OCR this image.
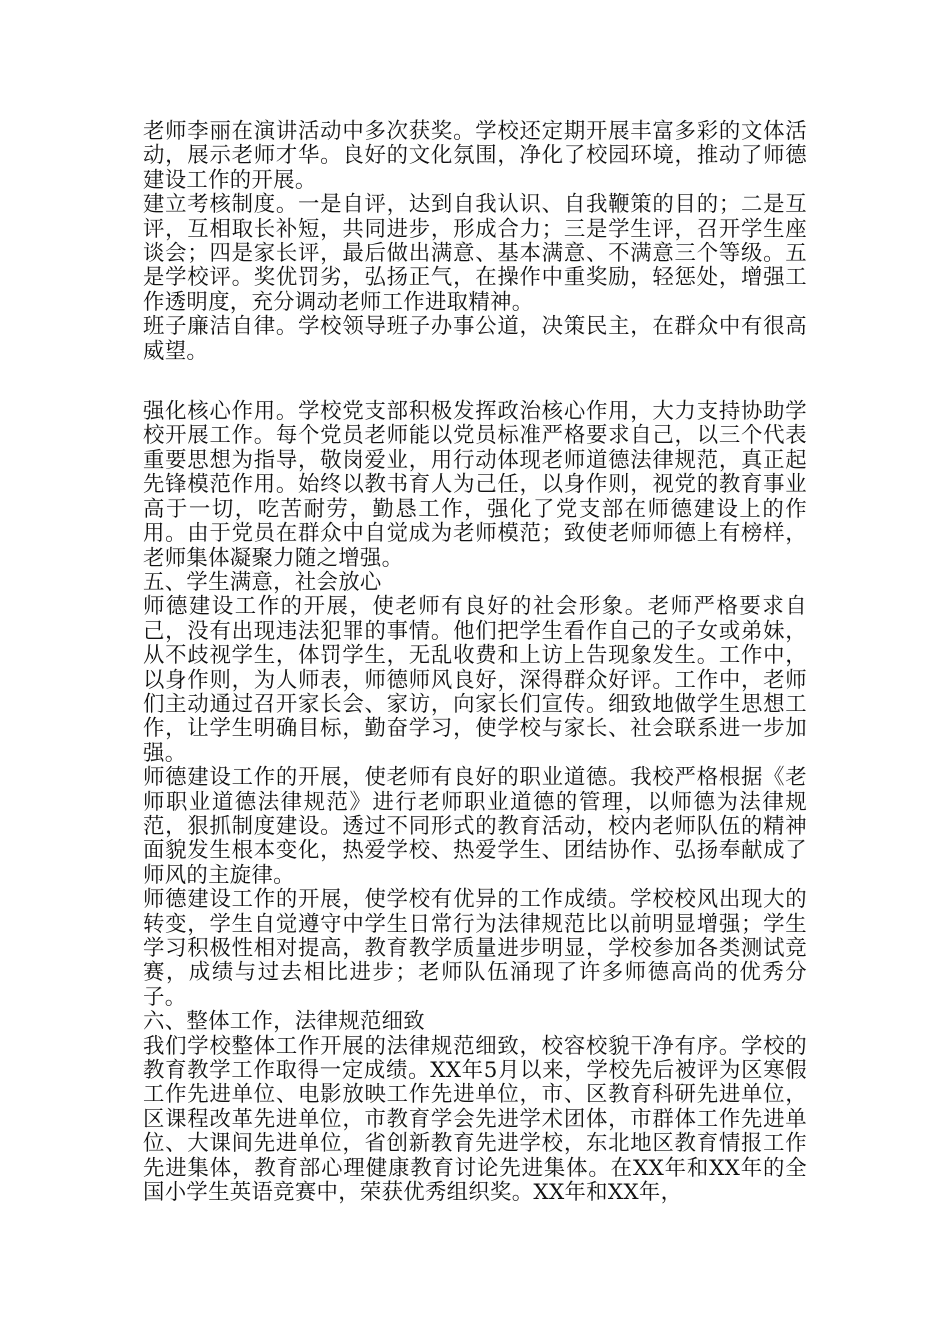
老师李丽在演讲活动中多次获奖。学校还定期开展丰富多彩的文体活动，展示老师才华。良好的文化氛围，净化了校园环境，推动了师德建设工作的开展。

建立考核制度。一是自评，达到自我认识、自我鞭策的目的；二是互评，互相取长补短，共同进步，形成合力；三是学生评，召开学生座谈会；四是家长评，最后做出满意、基本满意、不满意三个等级。五是学校评。奖优罚劣，弘扬正气，在操作中重奖励，轻惩处，增强工作透明度，充分调动老师工作进取精神。

班子廉洁自律。学校领导班子办事公道，决策民主，在群众中有很高威望。

强化核心作用。学校党支部积极发挥政治核心作用，大力支持协助学校开展工作。每个党员老师能以党员标准严格要求自己，以三个代表重要思想为指导，敬岗爱业，用行动体现老师道德法律规范，真正起先锋模范作用。始终以教书育人为己任，以身作则，视党的教育事业高于一切，吃苦耐劳，勤恳工作，强化了党支部在师德建设上的作用。由于党员在群众中自觉成为老师模范；致使老师师德上有榜样，老师集体凝聚力随之增强。

五、学生满意，社会放心

师德建设工作的开展，使老师有良好的社会形象。老师严格要求自己，没有出现违法犯罪的事情。他们把学生看作自己的子女或弟妹，从不歧视学生，体罚学生，无乱收费和上访上告现象发生。工作中，以身作则，为人师表，师德师风良好，深得群众好评。工作中，老师们主动通过召开家长会、家访，向家长们宣传。细致地做学生思想工作，让学生明确目标，勤奋学习，使学校与家长、社会联系进一步加强。

师德建设工作的开展，使老师有良好的职业道德。我校严格根据《老师职业道德法律规范》进行老师职业道德的管理，以师德为法律规范，狠抓制度建设。透过不同形式的教育活动，校内老师队伍的精神面貌发生根本变化，热爱学校、热爱学生、团结协作、弘扬奉献成了师风的主旋律。

师德建设工作的开展，使学校有优异的工作成绩。学校校风出现大的转变，学生自觉遵守中学生日常行为法律规范比以前明显增强；学生学习积极性相对提高，教育教学质量进步明显，学校参加各类测试竞赛，成绩与过去相比进步；老师队伍涌现了许多师德高尚的优秀分子。

六、整体工作，法律规范细致

我们学校整体工作开展的法律规范细致，校容校貌干净有序。学校的教育教学工作取得一定成绩。XX年5月以来，学校先后被评为区寒假工作先进单位、电影放映工作先进单位，市、区教育科研先进单位，区课程改革先进单位，市教育学会先进学术团体，市群体工作先进单位、大课间先进单位，省创新教育先进学校，东北地区教育情报工作先进集体，教育部心理健康教育讨论先进集体。在XX年和XX年的全国小学生英语竞赛中，荣获优秀组织奖。XX年和XX年，
